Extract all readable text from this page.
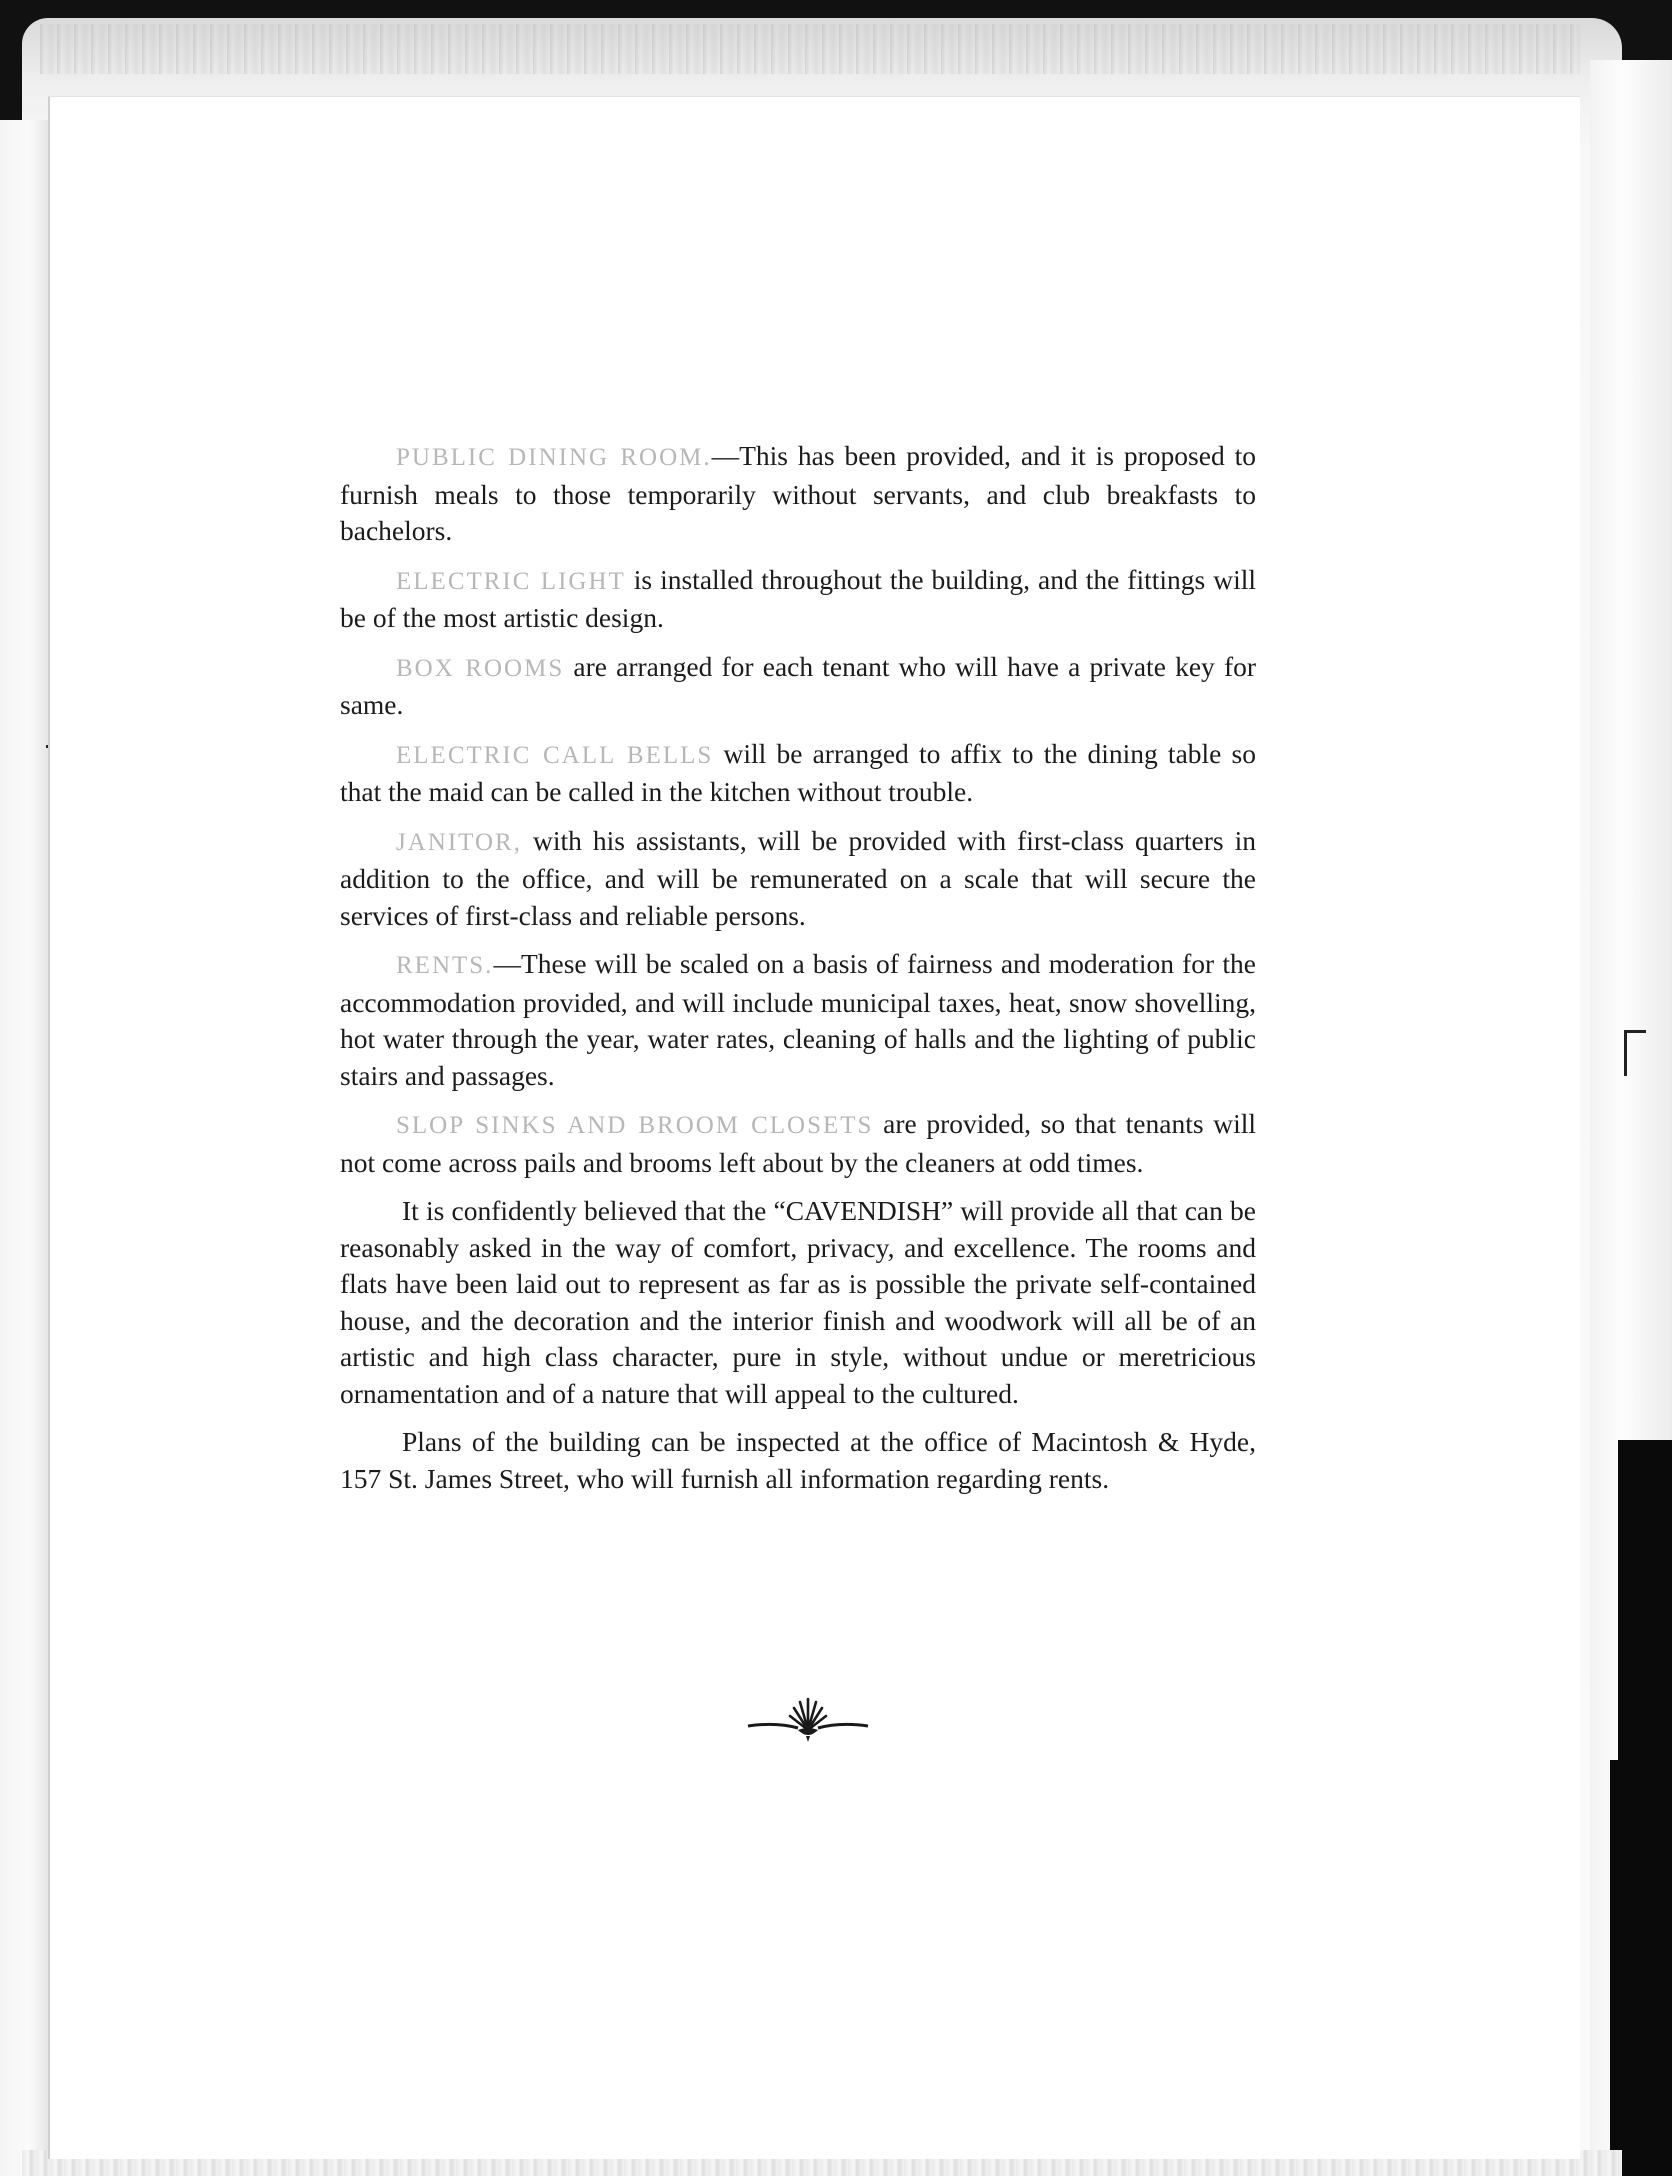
PUBLIC DINING ROOM.—This has been provided, and it is proposed to furnish meals to those temporarily without servants, and club breakfasts to bachelors.

ELECTRIC LIGHT is installed throughout the building, and the fittings will be of the most artistic design.

BOX ROOMS are arranged for each tenant who will have a private key for same.

ELECTRIC CALL BELLS will be arranged to affix to the dining table so that the maid can be called in the kitchen without trouble.

JANITOR, with his assistants, will be provided with first-class quarters in addition to the office, and will be remunerated on a scale that will secure the services of first-class and reliable persons.

RENTS.—These will be scaled on a basis of fairness and moderation for the accommodation provided, and will include municipal taxes, heat, snow shovelling, hot water through the year, water rates, cleaning of halls and the lighting of public stairs and passages.

SLOP SINKS AND BROOM CLOSETS are provided, so that tenants will not come across pails and brooms left about by the cleaners at odd times.

It is confidently believed that the “CAVENDISH” will provide all that can be reasonably asked in the way of comfort, privacy, and excellence. The rooms and flats have been laid out to represent as far as is possible the private self-contained house, and the decoration and the interior finish and woodwork will all be of an artistic and high class character, pure in style, without undue or meretricious ornamentation and of a nature that will appeal to the cultured.

Plans of the building can be inspected at the office of Macintosh & Hyde, 157 St. James Street, who will furnish all information regarding rents.
